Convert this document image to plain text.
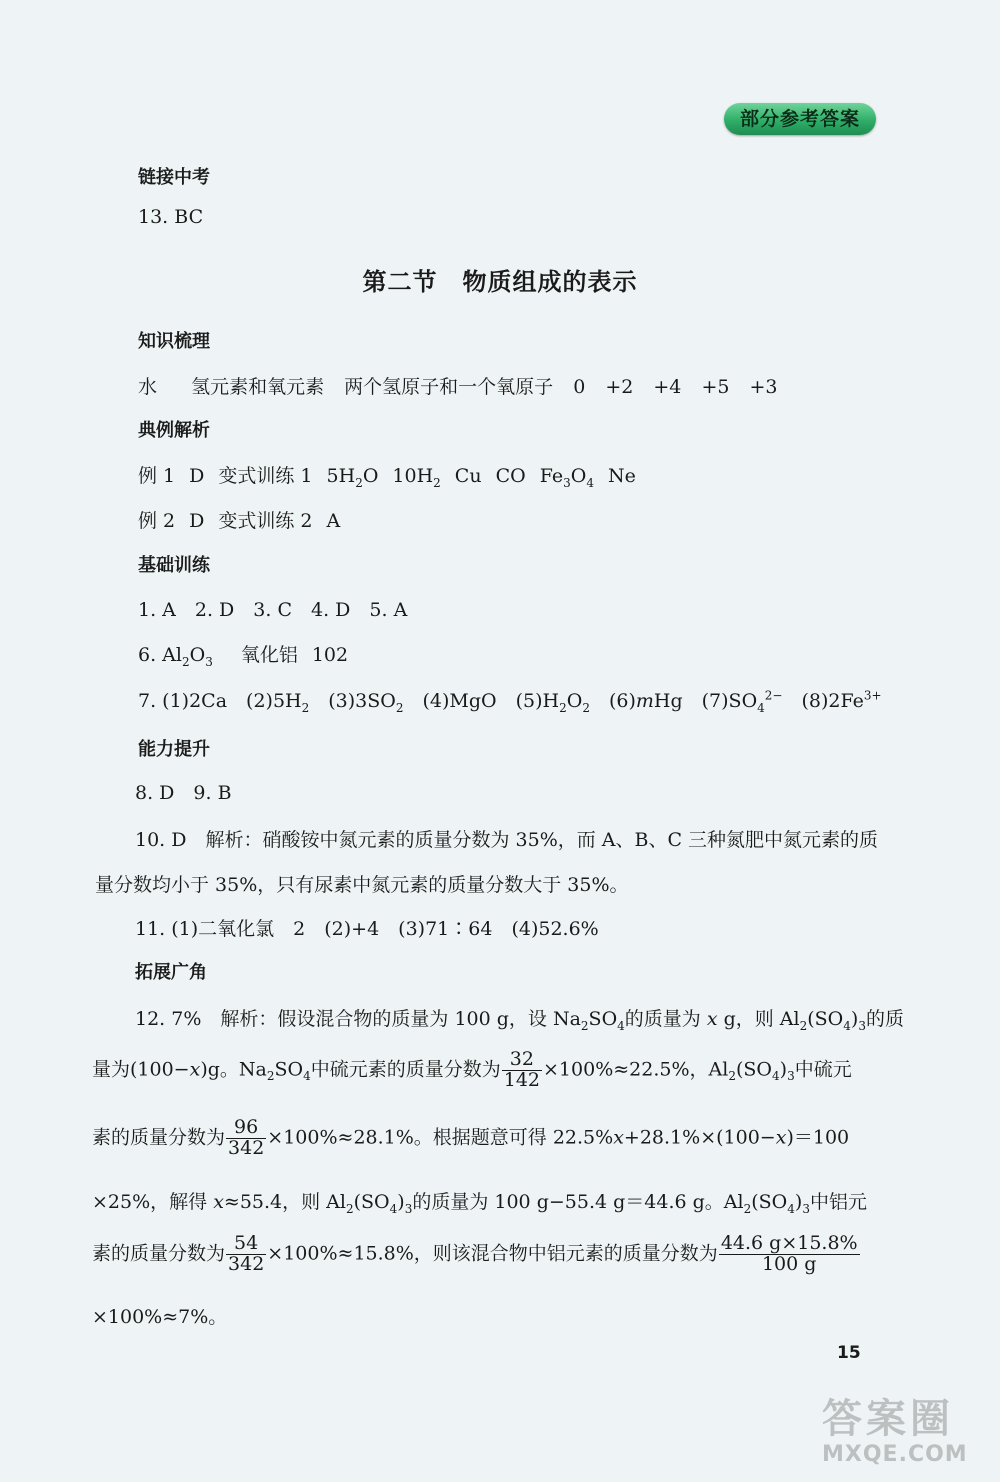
部分参考答案
链接中考
13. BC
第二节　物质组成的表示
知识梳理
水 氢元素和氧元素 两个氢原子和一个氧原子 0 +2 +4 +5 +3
典例解析
例 1 D 变式训练 1 $5H_2O$ $10H_2$ Cu CO $Fe_3O_4$ Ne
例 2 D 变式训练 2 A
基础训练
1. A　2. D　3. C　4. D　5. A
6. $Al_2O_3$ 氧化铝 102
7. (1)2Ca　$(2)5H_2$　$(3)3SO_2$　(4)MgO　$(5)H_2O_2$　(6)mHg　$(7)SO_4^{2-}$　$(8)2Fe^{3+}$
能力提升
8. D　9. B
10. D　解析：硝酸铵中氮元素的质量分数为 35%，而 A、B、C 三种氮肥中氮元素的质
量分数均小于 35%，只有尿素中氮元素的质量分数大于 35%。
11. (1)二氧化氯　2　(2)+4　(3)71∶64　(4)52.6%
拓展广角
12. 7%　解析：假设混合物的质量为 100 g，设 $Na_2SO_4$的质量为 x g，则 $Al_2(SO_4)_3$的质
量为(100−x)g。$Na_2SO_4$中硫元素的质量分数为 $\frac{32}{142} \times 100\%\approx 22.5\%$，$Al_2(SO_4)_3$中硫元
素的质量分数为 $\frac{96}{342} \times 100\%\approx 28.1\%$。根据题意可得 22.5%x+28.1%×(100−x)＝100
×25%，解得 x≈55.4，则 $Al_2(SO_4)_3$的质量为 100 g−55.4 g＝44.6 g。$Al_2(SO_4)_3$中铝元
素的质量分数为 $\frac{54}{342} \times 100\%\approx 15.8\%$，则该混合物中铝元素的质量分数为 $\frac{44.6 g\times 15.8\%}{100 g}$
×100%≈7%。
15
答案圈
MXQE.COM
